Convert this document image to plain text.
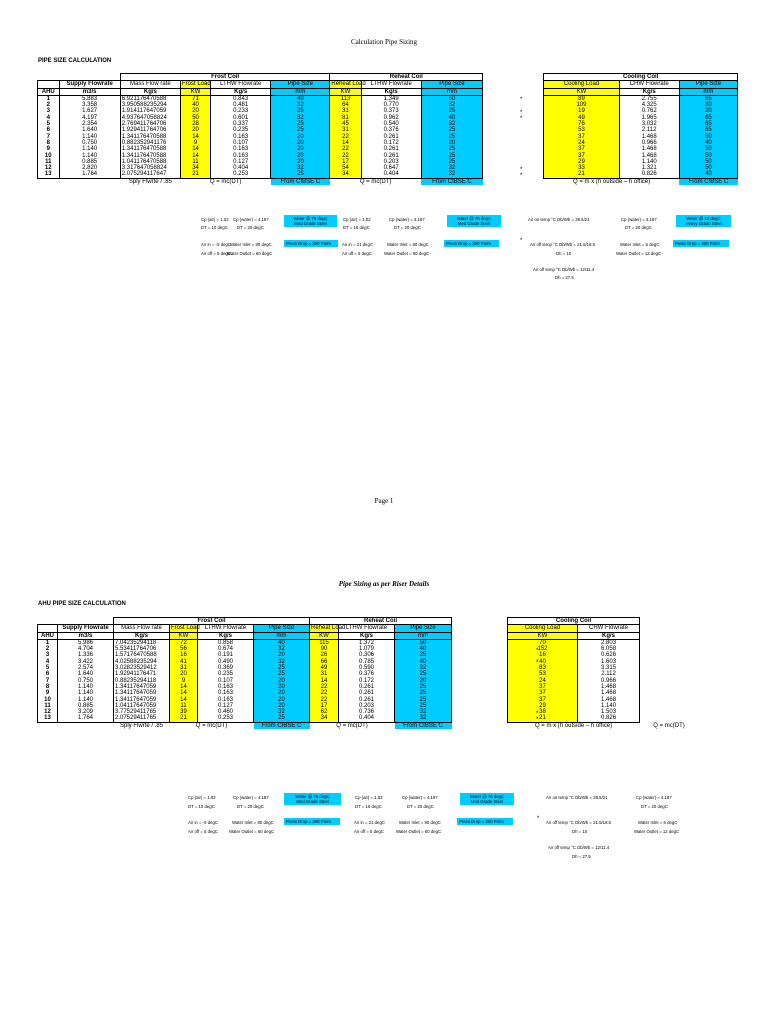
Calculation Pipe Sizing
PIPE SIZE CALCULATION
		Frost Coil				Reheat Coil				Cooling Coil		
	Supply Flowrate	Mass Flow rate	Frost Load	LTHW Flowrate	Pipe Size	Reheat Load	LTHW Flowrate	Pipe Size		Cooling Load	CHW Flowrate	Pipe Size
AHU	m3/s	Kg/s	KW	Kg/s	mm	KW	Kg/s	mm		KW	Kg/s	mm
1	5.883	6.921176470588	71	0.843	40	113	1.349	50		89	2.755	65
2	3.358	3.950588235294	40	0.481	32	64	0.770	32		109	4.325	80
3	1.627	1.914117647059	20	0.233	25	31	0.373	25		19	0.762	20
4	4.197	4.937647058824	50	0.601	32	81	0.962	40		49	1.965	65
5	2.354	2.769411764706	28	0.337	25	45	0.540	32		76	3.032	65
6	1.640	1.929411764706	20	0.235	25	31	0.376	25		53	2.112	65
7	1.140	1.341176470588	14	0.163	20	22	0.261	25		37	1.468	50
8	0.750	0.882352941176	9	0.107	20	14	0.172	20		24	0.966	40
9	1.140	1.341176470588	14	0.163	20	22	0.261	25		37	1.468	50
10	1.140	1.341176470588	14	0.163	20	22	0.261	25		37	1.468	50
11	0.885	1.041176470588	11	0.127	20	17	0.203	25		29	1.140	50
12	2.820	3.317647058824	34	0.404	32	54	0.647	32		33	1.321	50
13	1.764	2.075294117647	21	0.253	25	34	0.404	32		21	0.826	40
		Sply Flwrte / .85	Q = mc(DT)		From CIBSE C	Q = mc(DT)		From CIBSE C		Q = m x (h outside – h office)		From CIBSE C
Cp (air) = 1.02
DT = 10 degC
Cp (water) = 4.187
DT = 20 degC
Water @ 75 degC
Med Grade Steel
Cp (air) = 1.02
DT = 16 degC
Cp (water) = 4.187
DT = 20 degC
Water @ 75 degC
Med Grade Steel
Air on temp °C Db/Wb = 28.5/21	Cp (water) = 4.187
DT = 20 degC
Water @ 10 degC
Heavy Grade Steel
Air in = -5 degC
Air off = 5 degC
Water Inlet = 80 degC
Water Outlet = 60 degC
Press Drop = 300 Pa/m	Air in = 21 degC
Air off = 5 degC
Water Inlet = 80 degC
Water Outlet = 60 degC
Press Drop = 300 Pa/m	*
Air off temp °C Db/Wb = 21.5/18.5
Dh = 10
Water Inlet = 6 degC
Water Outlet = 12 degC
Press Drop = 300 Pa/m
Air off temp °C Db/Wb = 12/11.4
Dh = 27.5
Page 1
Pipe Sizing as per Riser Details
AHU PIPE SIZE CALCULATION
		Frost Coil				Reheat Coil				Cooling Coil		
	Supply Flowrate	Mass Flow rate	Frost Load	LTHW Flowrate	Pipe Size	Reheat Load	LTHW Flowrate	Pipe Size		Cooling Load	CHW Flowrate	
AHU	m3/s	Kg/s	KW	Kg/s	mm	KW	Kg/s	mm		KW	Kg/s	
1	5.986	7.04235294118	72	0.858	40	115	1.372	50		70	2.803	
2	4.704	5.53411764706	56	0.674	32	90	1.079	40		152	6.058	
3	1.336	1.57176470588	16	0.191	20	26	0.306	25		16	0.626	
4	3.422	4.02588235294	41	0.490	32	66	0.785	40		40	1.603	
5	2.574	3.02823529412	31	0.369	25	49	0.590	32		83	3.315	
6	1.640	1.92941176471	20	0.235	25	31	0.376	25		53	2.112	
7	0.750	0.88235294118	9	0.107	20	14	0.172	20		24	0.966	
8	1.140	1.34117647059	14	0.163	20	22	0.261	25		37	1.468	
9	1.140	1.34117647059	14	0.163	20	22	0.261	25		37	1.468	
10	1.140	1.34117647059	14	0.163	20	22	0.261	25		37	1.468	
11	0.885	1.04117647059	11	0.127	20	17	0.203	25		29	1.140	
12	3.209	3.77529411765	39	0.460	32	62	0.736	32		38	1.503	
13	1.764	2.07529411765	21	0.253	25	34	0.404	32		21	0.826	
		Sply Flwrte / .85	Q = mc(DT)		From CIBSE C	Q = mc(DT)		From CIBSE C		Q = m x (h outside – h office)		Q = mc(DT)
Cp (air) = 1.02
DT = 10 degC
Cp (water) = 4.187
DT = 20 degC
Water @ 75 degC
Med Grade Steel
Cp (air) = 1.02
DT = 16 degC
Cp (water) = 4.187
DT = 20 degC
Water @ 75 degC
Med Grade Steel
Air on temp °C Db/Wb = 28.5/21	Cp (water) = 4.187
DT = 20 degC
Air in = -5 degC
Air off = 5 degC
Water Inlet = 80 degC
Water Outlet = 60 degC
Press Drop = 300 Pa/m	Air in = 21 degC
Air off = 5 degC
Water Inlet = 80 degC
Water Outlet = 60 degC
Press Drop = 300 Pa/m	*
Air off temp °C Db/Wb = 21.5/18.5
Dh = 10
Water Inlet = 6 degC
Water Outlet = 12 degC
Air off temp °C Db/Wb = 12/11.4
Dh = 27.5
*
*
*
*
*
*
*
*
*
